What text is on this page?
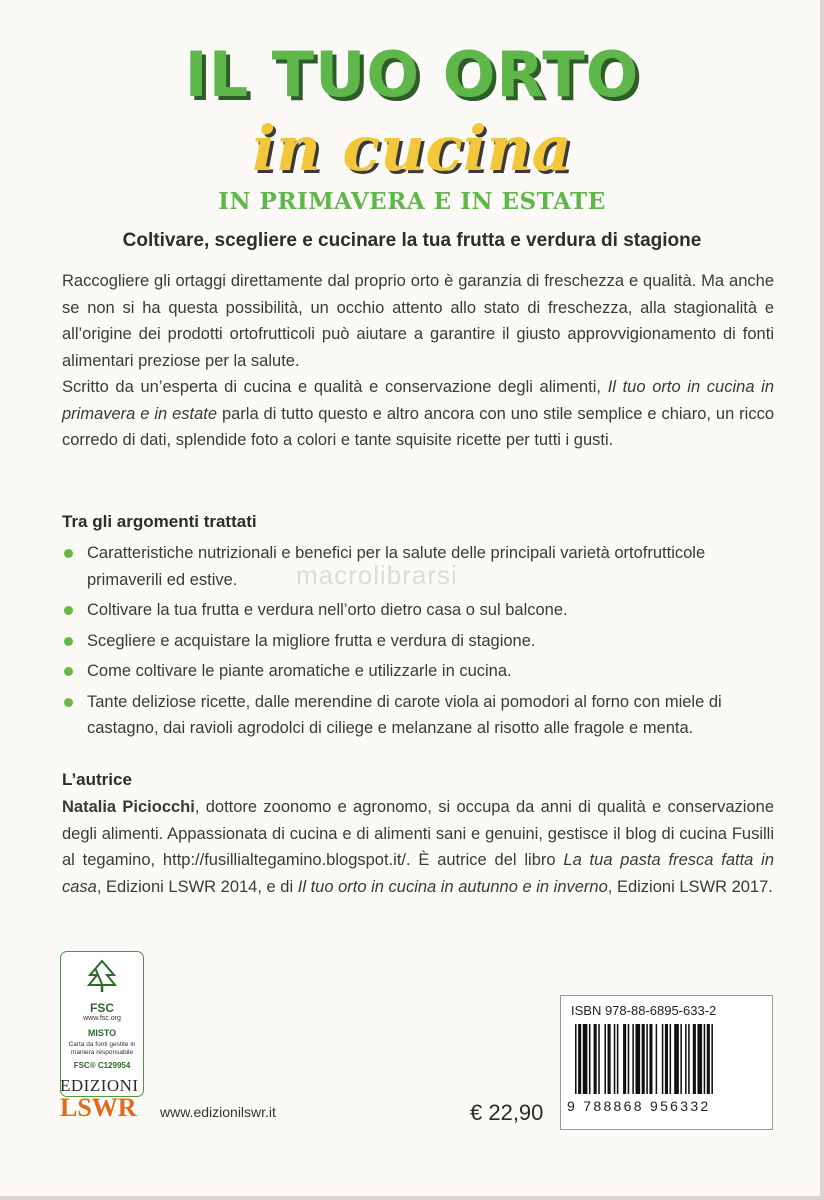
IL TUO ORTO
in cucina
IN PRIMAVERA E IN ESTATE
Coltivare, scegliere e cucinare la tua frutta e verdura di stagione

Raccogliere gli ortaggi direttamente dal proprio orto è garanzia di freschezza e qualità. Ma anche se non si ha questa possibilità, un occhio attento allo stato di freschezza, alla stagionalità e all’origine dei prodotti ortofrutticoli può aiutare a garantire il giusto approvvigionamento di fonti alimentari preziose per la salute.

Scritto da un’esperta di cucina e qualità e conservazione degli alimenti, Il tuo orto in cucina in primavera e in estate parla di tutto questo e altro ancora con uno stile semplice e chiaro, un ricco corredo di dati, splendide foto a colori e tante squisite ricette per tutti i gusti.

Tra gli argomenti trattati
macrolibrarsi
Caratteristiche nutrizionali e benefici per la salute delle principali varietà ortofrutticole primaverili ed estive.
Coltivare la tua frutta e verdura nell’orto dietro casa o sul balcone.
Scegliere e acquistare la migliore frutta e verdura di stagione.
Come coltivare le piante aromatiche e utilizzarle in cucina.
Tante deliziose ricette, dalle merendine di carote viola ai pomodori al forno con miele di castagno, dai ravioli agrodolci di ciliege e melanzane al risotto alle fragole e menta.
L’autrice

Natalia Piciocchi, dottore zoonomo e agronomo, si occupa da anni di qualità e conservazione degli alimenti. Appassionata di cucina e di alimenti sani e genuini, gestisce il blog di cucina Fusilli al tegamino, http://fusillialtegamino.blogspot.it/. È autrice del libro La tua pasta fresca fatta in casa, Edizioni LSWR 2014, e di Il tuo orto in cucina in autunno e in inverno, Edizioni LSWR 2017.

FSC
www.fsc.org
MISTO
Carta da fonti gestite in maniera responsabile
FSC® C129954
EDIZIONI
LSWR www.edizionilswr.it	€ 22,90
ISBN 978-88-6895-633-2
9 788868 956332
